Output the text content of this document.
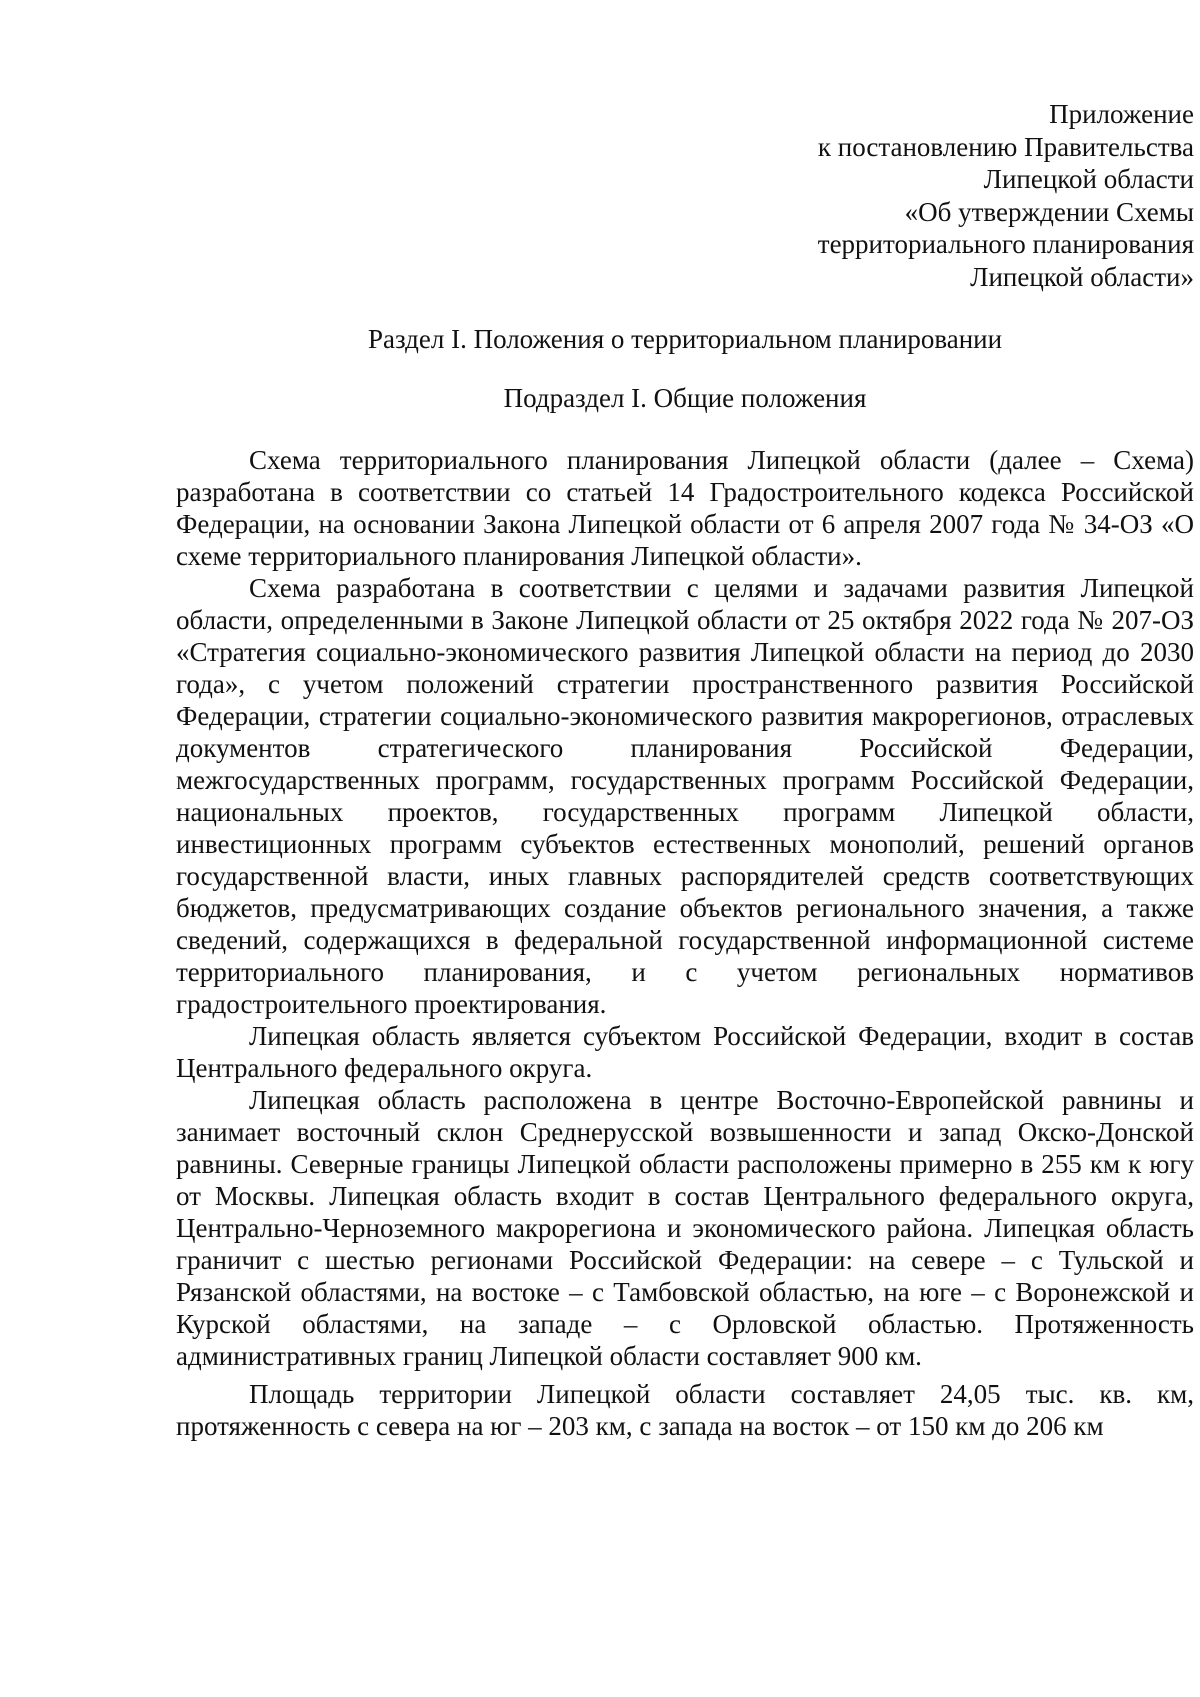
Приложение
к постановлению Правительства
Липецкой области
«Об утверждении Схемы
территориального планирования
Липецкой области»
Раздел I. Положения о территориальном планировании
Подраздел I. Общие положения

Схема территориального планирования Липецкой области (далее – Схема) разработана в соответствии со статьей 14 Градостроительного кодекса Российской Федерации, на основании Закона Липецкой области от 6 апреля 2007 года № 34-ОЗ «О схеме территориального планирования Липецкой области».

Схема разработана в соответствии с целями и задачами развития Липецкой области, определенными в Законе Липецкой области от 25 октября 2022 года № 207-ОЗ «Стратегия социально-экономического развития Липецкой области на период до 2030 года», с учетом положений стратегии пространственного развития Российской Федерации, стратегии социально-экономического развития макрорегионов, отраслевых документов стратегического планирования Российской Федерации, межгосударственных программ, государственных программ Российской Федерации, национальных проектов, государственных программ Липецкой области, инвестиционных программ субъектов естественных монополий, решений органов государственной власти, иных главных распорядителей средств соответствующих бюджетов, предусматривающих создание объектов регионального значения, а также сведений, содержащихся в федеральной государственной информационной системе территориального планирования, и с учетом региональных нормативов градостроительного проектирования.

Липецкая область является субъектом Российской Федерации, входит в состав Центрального федерального округа.

Липецкая область расположена в центре Восточно-Европейской равнины и занимает восточный склон Среднерусской возвышенности и запад Окско-Донской равнины. Северные границы Липецкой области расположены примерно в 255 км к югу от Москвы. Липецкая область входит в состав Центрального федерального округа, Центрально-Черноземного макрорегиона и экономического района. Липецкая область граничит с шестью регионами Российской Федерации: на севере – с Тульской и Рязанской областями, на востоке – с Тамбовской областью, на юге – с Воронежской и Курской областями, на западе – с Орловской областью. Протяженность административных границ Липецкой области составляет 900 км.

Площадь территории Липецкой области составляет 24,05 тыс. кв. км, протяженность с севера на юг – 203 км, с запада на восток – от 150 км до 206 км
